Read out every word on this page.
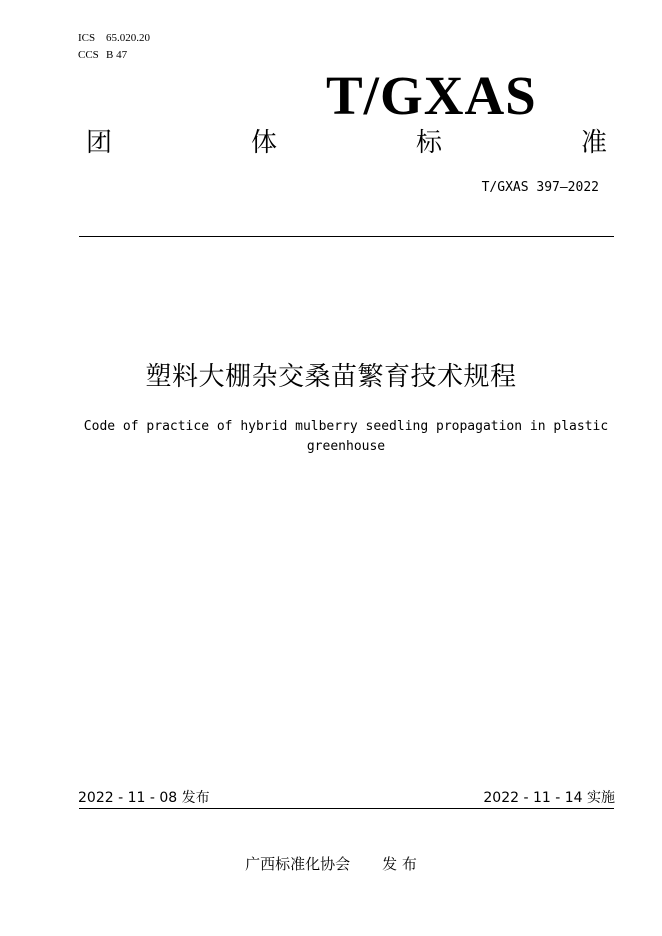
ICS 65.020.20
CCS B 47
T/GXAS
团	体	标	准
T/GXAS 397—2022
塑料大棚杂交桑苗繁育技术规程
Code of practice of hybrid mulberry seedling propagation in plastic
greenhouse
2022 - 11 - 08 发布	2022 - 11 - 14 实施
广西标准化协会 发 布
